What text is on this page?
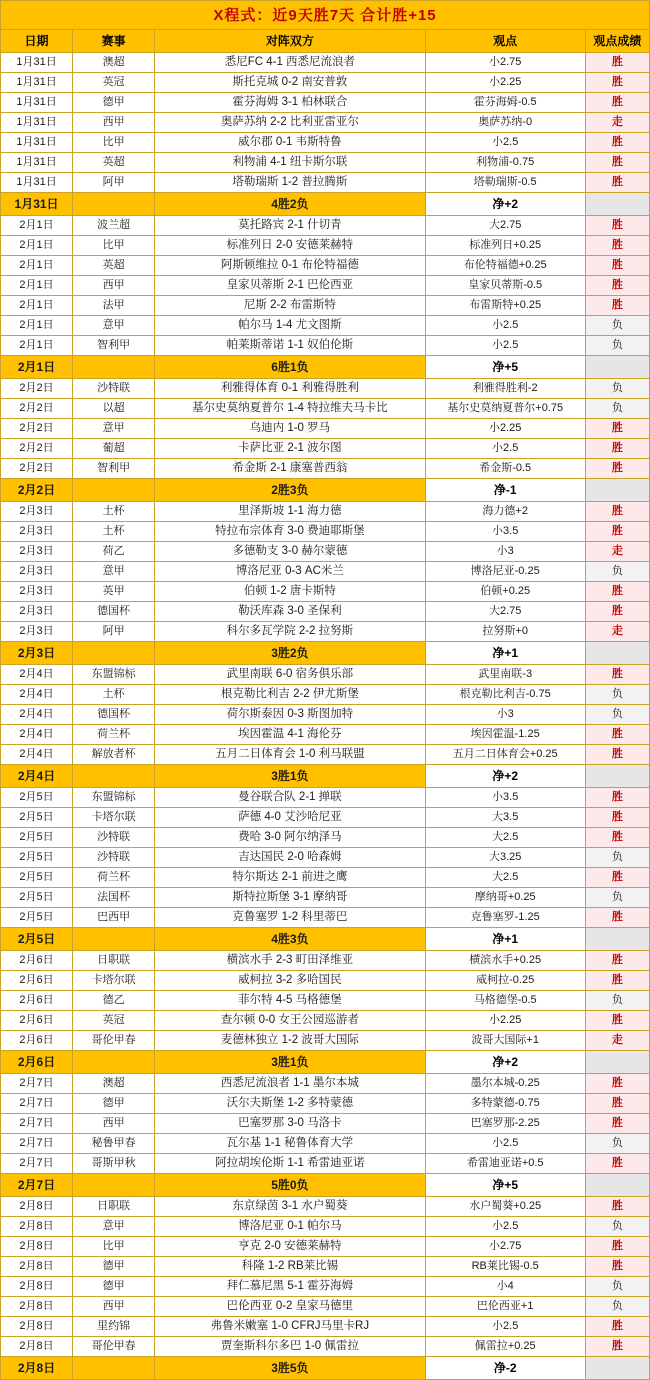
X程式：近9天胜7天 合计胜+15				
日期	赛事	对阵双方	观点	观点成绩
1月31日	澳超	悉尼FC 4-1 西悉尼流浪者	小2.75	胜
1月31日	英冠	斯托克城 0-2 南安普敦	小2.25	胜
1月31日	德甲	霍芬海姆 3-1 柏林联合	霍芬海姆-0.5	胜
1月31日	西甲	奥萨苏纳 2-2 比利亚雷亚尔	奥萨苏纳-0	走
1月31日	比甲	威尔郡 0-1 韦斯特鲁	小2.5	胜
1月31日	英超	利物浦 4-1 纽卡斯尔联	利物浦-0.75	胜
1月31日	阿甲	塔勒瑞斯 1-2 普拉腾斯	塔勒瑞斯-0.5	胜
1月31日		4胜2负	净+2	
2月1日	波兰超	莫托路宾 2-1 什切青	大2.75	胜
2月1日	比甲	标准列日 2-0 安德莱赫特	标准列日+0.25	胜
2月1日	英超	阿斯顿维拉 0-1 布伦特福德	布伦特福德+0.25	胜
2月1日	西甲	皇家贝蒂斯 2-1 巴伦西亚	皇家贝蒂斯-0.5	胜
2月1日	法甲	尼斯 2-2 布雷斯特	布雷斯特+0.25	胜
2月1日	意甲	帕尔马 1-4 尤文图斯	小2.5	负
2月1日	智利甲	帕莱斯蒂诺 1-1 奴伯伦斯	小2.5	负
2月1日		6胜1负	净+5	
2月2日	沙特联	利雅得体育 0-1 利雅得胜利	利雅得胜利-2	负
2月2日	以超	基尔史莫纳夏普尔 1-4 特拉维夫马卡比	基尔史莫纳夏普尔+0.75	负
2月2日	意甲	乌迪内 1-0 罗马	小2.25	胜
2月2日	葡超	卡萨比亚 2-1 波尔图	小2.5	胜
2月2日	智利甲	希金斯 2-1 康塞普西翁	希金斯-0.5	胜
2月2日		2胜3负	净-1	
2月3日	土杯	里泽斯坡 1-1 海力德	海力德+2	胜
2月3日	土杯	特拉布宗体育 3-0 费迪耶斯堡	小3.5	胜
2月3日	荷乙	多德勒支 3-0 赫尔蒙德	小3	走
2月3日	意甲	博洛尼亚 0-3 AC米兰	博洛尼亚-0.25	负
2月3日	英甲	伯顿 1-2 唐卡斯特	伯顿+0.25	胜
2月3日	德国杯	勒沃库森 3-0 圣保利	大2.75	胜
2月3日	阿甲	科尔多瓦学院 2-2 拉努斯	拉努斯+0	走
2月3日		3胜2负	净+1	
2月4日	东盟锦标	武里南联 6-0 宿务俱乐部	武里南联-3	胜
2月4日	土杯	根克勒比利吉 2-2 伊尤斯堡	根克勒比利吉-0.75	负
2月4日	德国杯	荷尔斯泰因 0-3 斯图加特	小3	负
2月4日	荷兰杯	埃因霍温 4-1 海伦芬	埃因霍温-1.25	胜
2月4日	解放者杯	五月二日体育会 1-0 利马联盟	五月二日体育会+0.25	胜
2月4日		3胜1负	净+2	
2月5日	东盟锦标	曼谷联合队 2-1 掸联	小3.5	胜
2月5日	卡塔尔联	萨德 4-0 艾沙哈尼亚	大3.5	胜
2月5日	沙特联	费哈 3-0 阿尔纳泽马	大2.5	胜
2月5日	沙特联	吉达国民 2-0 哈森姆	大3.25	负
2月5日	荷兰杯	特尔斯达 2-1 前进之鹰	大2.5	胜
2月5日	法国杯	斯特拉斯堡 3-1 摩纳哥	摩纳哥+0.25	负
2月5日	巴西甲	克鲁塞罗 1-2 科里蒂巴	克鲁塞罗-1.25	胜
2月5日		4胜3负	净+1	
2月6日	日职联	横滨水手 2-3 町田泽维亚	横滨水手+0.25	胜
2月6日	卡塔尔联	威柯拉 3-2 多哈国民	威柯拉-0.25	胜
2月6日	德乙	菲尔特 4-5 马格德堡	马格德堡-0.5	负
2月6日	英冠	查尔顿 0-0 女王公园巡游者	小2.25	胜
2月6日	哥伦甲春	麦德林独立 1-2 波哥大国际	波哥大国际+1	走
2月6日		3胜1负	净+2	
2月7日	澳超	西悉尼流浪者 1-1 墨尔本城	墨尔本城-0.25	胜
2月7日	德甲	沃尔夫斯堡 1-2 多特蒙德	多特蒙德-0.75	胜
2月7日	西甲	巴塞罗那 3-0 马洛卡	巴塞罗那-2.25	胜
2月7日	秘鲁甲春	瓦尔基 1-1 秘鲁体育大学	小2.5	负
2月7日	哥斯甲秋	阿拉胡埃伦斯 1-1 希雷迪亚诺	希雷迪亚诺+0.5	胜
2月7日		5胜0负	净+5	
2月8日	日职联	东京绿茵 3-1 水户蜀葵	水户蜀葵+0.25	胜
2月8日	意甲	博洛尼亚 0-1 帕尔马	小2.5	负
2月8日	比甲	亨克 2-0 安德莱赫特	小2.75	胜
2月8日	德甲	科隆 1-2 RB莱比锡	RB莱比锡-0.5	胜
2月8日	德甲	拜仁慕尼黑 5-1 霍芬海姆	小4	负
2月8日	西甲	巴伦西亚 0-2 皇家马德里	巴伦西亚+1	负
2月8日	里约锦	弗鲁米嫩塞 1-0 CFRJ马里卡RJ	小2.5	胜
2月8日	哥伦甲春	贾奎斯科尔多巴 1-0 佩雷拉	佩雷拉+0.25	胜
2月8日		3胜5负	净-2	
